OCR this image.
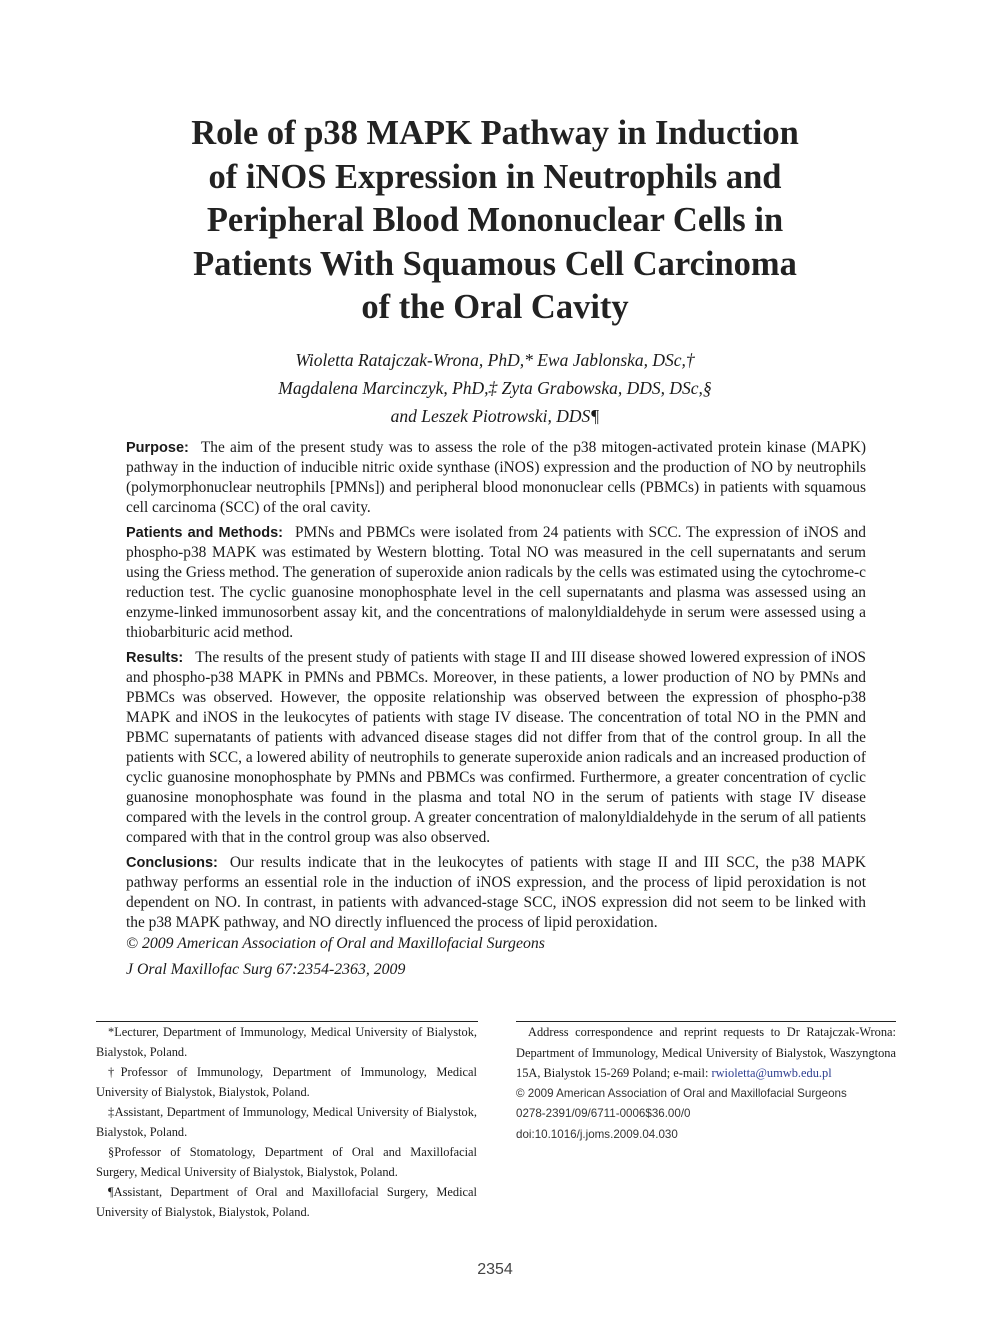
Role of p38 MAPK Pathway in Induction
of iNOS Expression in Neutrophils and
Peripheral Blood Mononuclear Cells in
Patients With Squamous Cell Carcinoma
of the Oral Cavity
Wioletta Ratajczak-Wrona, PhD,* Ewa Jablonska, DSc,†
Magdalena Marcinczyk, PhD,‡ Zyta Grabowska, DDS, DSc,§
and Leszek Piotrowski, DDS¶

Purpose: The aim of the present study was to assess the role of the p38 mitogen-activated protein kinase (MAPK) pathway in the induction of inducible nitric oxide synthase (iNOS) expression and the production of NO by neutrophils (polymorphonuclear neutrophils [PMNs]) and peripheral blood mononuclear cells (PBMCs) in patients with squamous cell carcinoma (SCC) of the oral cavity.

Patients and Methods: PMNs and PBMCs were isolated from 24 patients with SCC. The expression of iNOS and phospho-p38 MAPK was estimated by Western blotting. Total NO was measured in the cell supernatants and serum using the Griess method. The generation of superoxide anion radicals by the cells was estimated using the cytochrome-c reduction test. The cyclic guanosine monophosphate level in the cell supernatants and plasma was assessed using an enzyme-linked immunosorbent assay kit, and the concentrations of malonyldialdehyde in serum were assessed using a thiobarbituric acid method.

Results: The results of the present study of patients with stage II and III disease showed lowered expression of iNOS and phospho-p38 MAPK in PMNs and PBMCs. Moreover, in these patients, a lower production of NO by PMNs and PBMCs was observed. However, the opposite relationship was observed between the expression of phospho-p38 MAPK and iNOS in the leukocytes of patients with stage IV disease. The concentration of total NO in the PMN and PBMC supernatants of patients with advanced disease stages did not differ from that of the control group. In all the patients with SCC, a lowered ability of neutrophils to generate superoxide anion radicals and an increased production of cyclic guanosine monophosphate by PMNs and PBMCs was confirmed. Furthermore, a greater concentration of cyclic guanosine monophosphate was found in the plasma and total NO in the serum of patients with stage IV disease compared with the levels in the control group. A greater concentration of malonyldialdehyde in the serum of all patients compared with that in the control group was also observed.

Conclusions: Our results indicate that in the leukocytes of patients with stage II and III SCC, the p38 MAPK pathway performs an essential role in the induction of iNOS expression, and the process of lipid peroxidation is not dependent on NO. In contrast, in patients with advanced-stage SCC, iNOS expression did not seem to be linked with the p38 MAPK pathway, and NO directly influenced the process of lipid peroxidation.

© 2009 American Association of Oral and Maxillofacial Surgeons

J Oral Maxillofac Surg 67:2354-2363, 2009

*Lecturer, Department of Immunology, Medical University of Bialystok, Bialystok, Poland.

†Professor of Immunology, Department of Immunology, Medical University of Bialystok, Bialystok, Poland.

‡Assistant, Department of Immunology, Medical University of Bialystok, Bialystok, Poland.

§Professor of Stomatology, Department of Oral and Maxillofacial Surgery, Medical University of Bialystok, Bialystok, Poland.

¶Assistant, Department of Oral and Maxillofacial Surgery, Medical University of Bialystok, Bialystok, Poland.

Address correspondence and reprint requests to Dr Ratajczak-Wrona: Department of Immunology, Medical University of Bialystok, Waszyngtona 15A, Bialystok 15-269 Poland; e-mail: rwioletta@umwb.edu.pl

© 2009 American Association of Oral and Maxillofacial Surgeons

0278-2391/09/6711-0006$36.00/0

doi:10.1016/j.joms.2009.04.030

2354
